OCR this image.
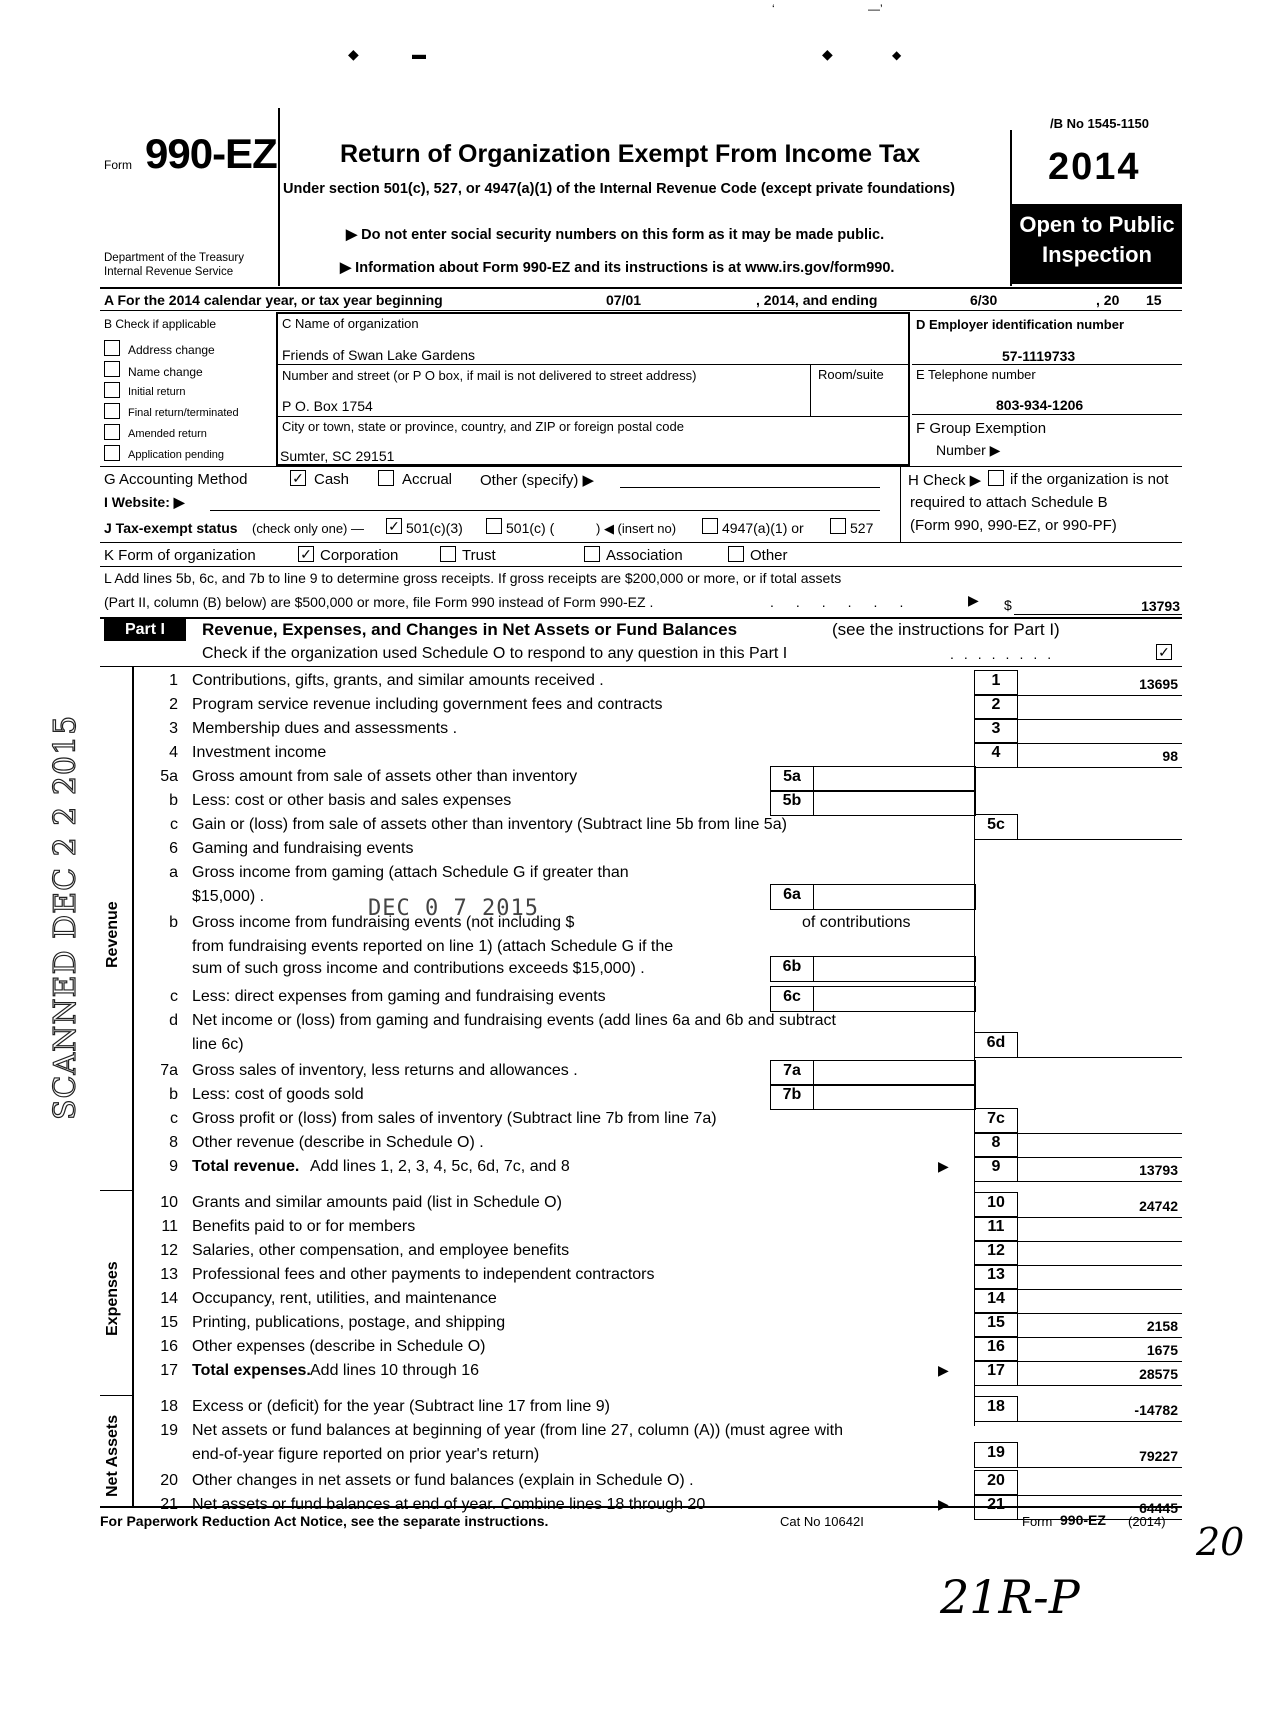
‘	—’
◆	▬	◆	◆
Form 990-EZ
Department of the Treasury
Internal Revenue Service
Return of Organization Exempt From Income Tax
Under section 501(c), 527, or 4947(a)(1) of the Internal Revenue Code (except private foundations)
▶ Do not enter social security numbers on this form as it may be made public.
▶ Information about Form 990-EZ and its instructions is at www.irs.gov/form990.
/B No 1545-1150
2014
Open to Public
Inspection
A For the 2014 calendar year, or tax year beginning	07/01	, 2014, and ending	6/30	, 20 15
B Check if applicable
Address change
Name change
Initial return
Final return/terminated
Amended return
Application pending
C Name of organization
Friends of Swan Lake Gardens
Number and street (or P O box, if mail is not delivered to street address)	Room/suite
P O. Box 1754
City or town, state or province, country, and ZIP or foreign postal code
Sumter, SC 29151
D Employer identification number
57-1119733
E Telephone number
803-934-1206
F Group Exemption
Number ▶
G Accounting Method	✓ Cash	Accrual Other (specify) ▶	H Check ▶ if the organization is not
required to attach Schedule B
(Form 990, 990-EZ, or 990-PF)
I Website: ▶
J Tax-exempt status (check only one) — ✓ 501(c)(3)	501(c) (	) ◀ (insert no)	4947(a)(1) or	527
K Form of organization	✓ Corporation	Trust	Association	Other
L Add lines 5b, 6c, and 7b to line 9 to determine gross receipts. If gross receipts are $200,000 or more, or if total assets
(Part II, column (B) below) are $500,000 or more, file Form 990 instead of Form 990-EZ .	......	▶ $	13793
Part I	Revenue, Expenses, and Changes in Net Assets or Fund Balances	(see the instructions for Part I)
Check if the organization used Schedule O to respond to any question in this Part I	........	✓
1 Contributions, gifts, grants, and similar amounts received .	1	13695
2 Program service revenue including government fees and contracts	2
3 Membership dues and assessments .	3
4 Investment income	4	98
5a Gross amount from sale of assets other than inventory	5a
b Less: cost or other basis and sales expenses	5b
c Gain or (loss) from sale of assets other than inventory (Subtract line 5b from line 5a)	5c
6 Gaming and fundraising events
a Gross income from gaming (attach Schedule G if greater than
$15,000) .	6a
b Gross income from fundraising events (not including $	of contributions
from fundraising events reported on line 1) (attach Schedule G if the
sum of such gross income and contributions exceeds $15,000) .	6b
c Less: direct expenses from gaming and fundraising events	6c
d Net income or (loss) from gaming and fundraising events (add lines 6a and 6b and subtract
line 6c)	6d
7a Gross sales of inventory, less returns and allowances .	7a
b Less: cost of goods sold	7b
c Gross profit or (loss) from sales of inventory (Subtract line 7b from line 7a)	7c
8 Other revenue (describe in Schedule O) .	8
9 Total revenue. Add lines 1, 2, 3, 4, 5c, 6d, 7c, and 8	9	13793
10 Grants and similar amounts paid (list in Schedule O)	10	24742
11 Benefits paid to or for members	11
12 Salaries, other compensation, and employee benefits	12
13 Professional fees and other payments to independent contractors	13
14 Occupancy, rent, utilities, and maintenance	14
15 Printing, publications, postage, and shipping	15	2158
16 Other expenses (describe in Schedule O)	16	1675
17 Total expenses. Add lines 10 through 16	17	28575
18 Excess or (deficit) for the year (Subtract line 17 from line 9)	18	-14782
19 Net assets or fund balances at beginning of year (from line 27, column (A)) (must agree with
end-of-year figure reported on prior year's return)	19	79227
20 Other changes in net assets or fund balances (explain in Schedule O) .	20
21 Net assets or fund balances at end of year. Combine lines 18 through 20	21	64445
▶
▶
▶
Revenue
Expenses
Net Assets
For Paperwork Reduction Act Notice, see the separate instructions.	Cat No 10642I	Form 990-EZ (2014)
SCANNED DEC 2 2 2015	DEC 0 7 2015
21R-P
20
